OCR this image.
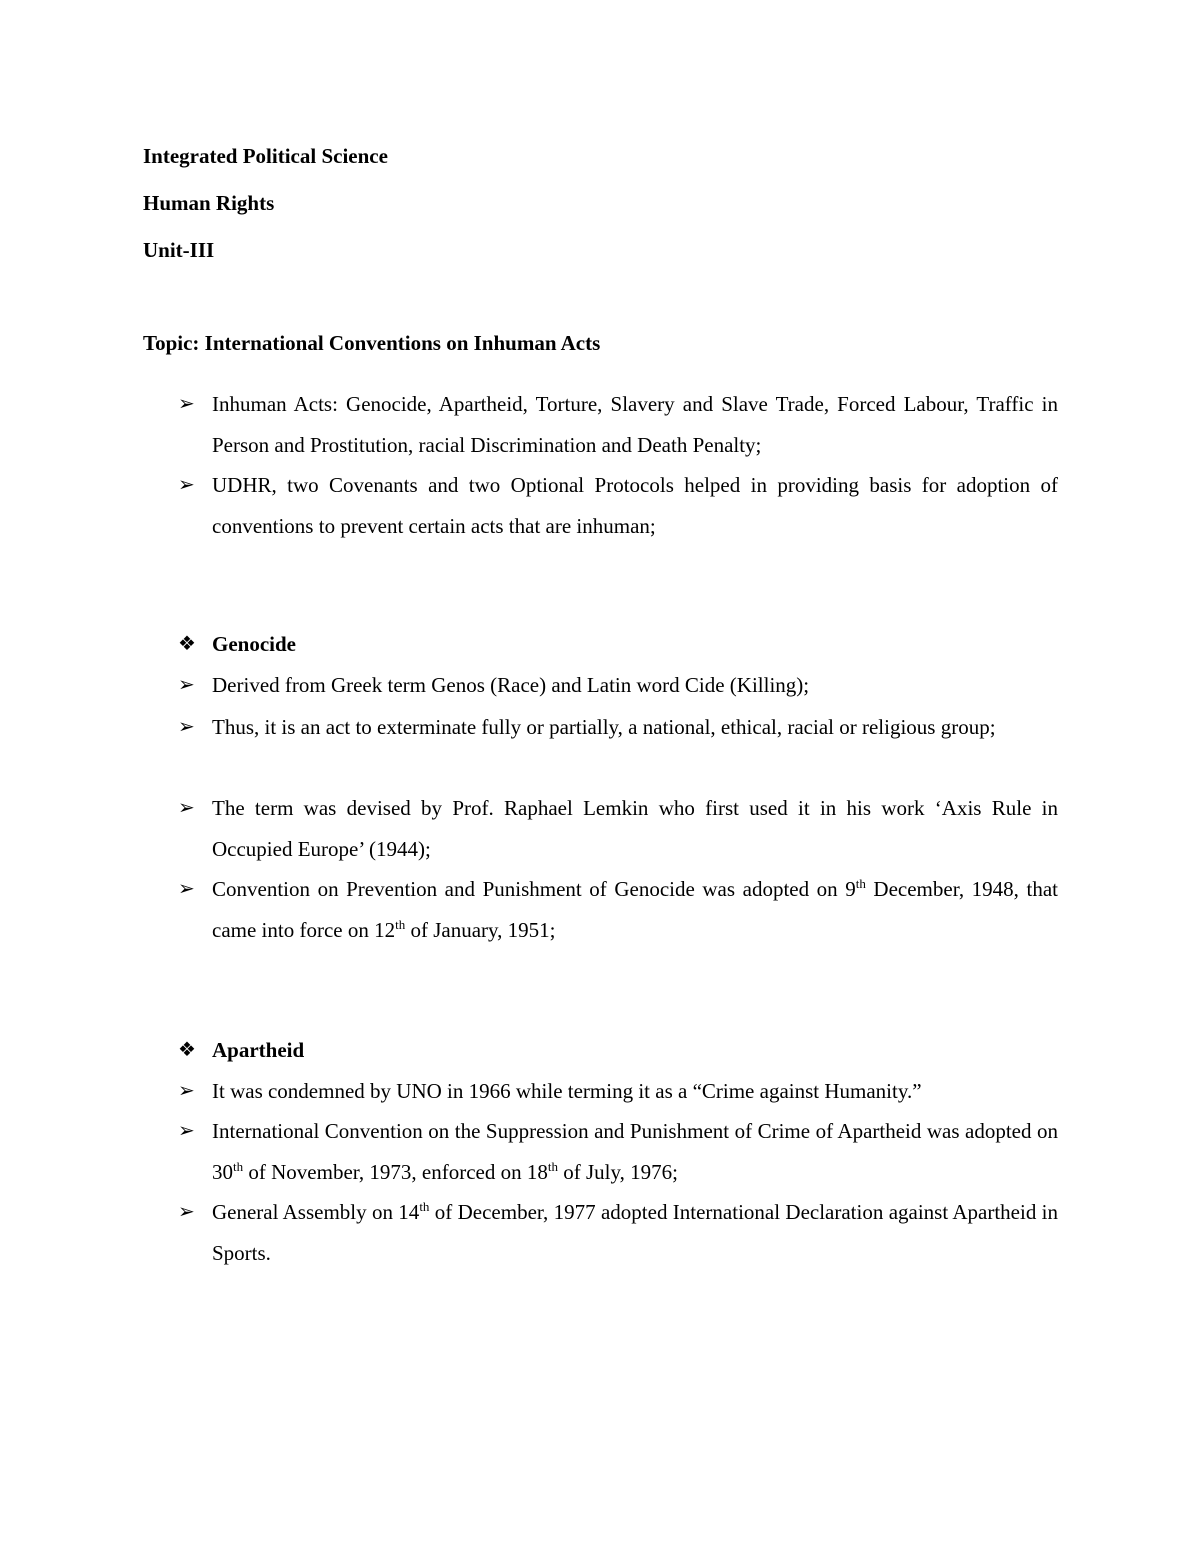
Integrated Political Science
Human Rights
Unit-III
Topic: International Conventions on Inhuman Acts
➢ Inhuman Acts: Genocide, Apartheid, Torture, Slavery and Slave Trade, Forced Labour, Traffic in Person and Prostitution, racial Discrimination and Death Penalty;
➢ UDHR, two Covenants and two Optional Protocols helped in providing basis for adoption of conventions to prevent certain acts that are inhuman;
❖ Genocide
➢ Derived from Greek term Genos (Race) and Latin word Cide (Killing);
➢ Thus, it is an act to exterminate fully or partially, a national, ethical, racial or religious group;
➢ The term was devised by Prof. Raphael Lemkin who first used it in his work ‘Axis Rule in Occupied Europe’ (1944);
➢ Convention on Prevention and Punishment of Genocide was adopted on 9th December, 1948, that came into force on 12th of January, 1951;
❖ Apartheid
➢ It was condemned by UNO in 1966 while terming it as a “Crime against Humanity.”
➢ International Convention on the Suppression and Punishment of Crime of Apartheid was adopted on 30th of November, 1973, enforced on 18th of July, 1976;
➢ General Assembly on 14th of December, 1977 adopted International Declaration against Apartheid in Sports.
